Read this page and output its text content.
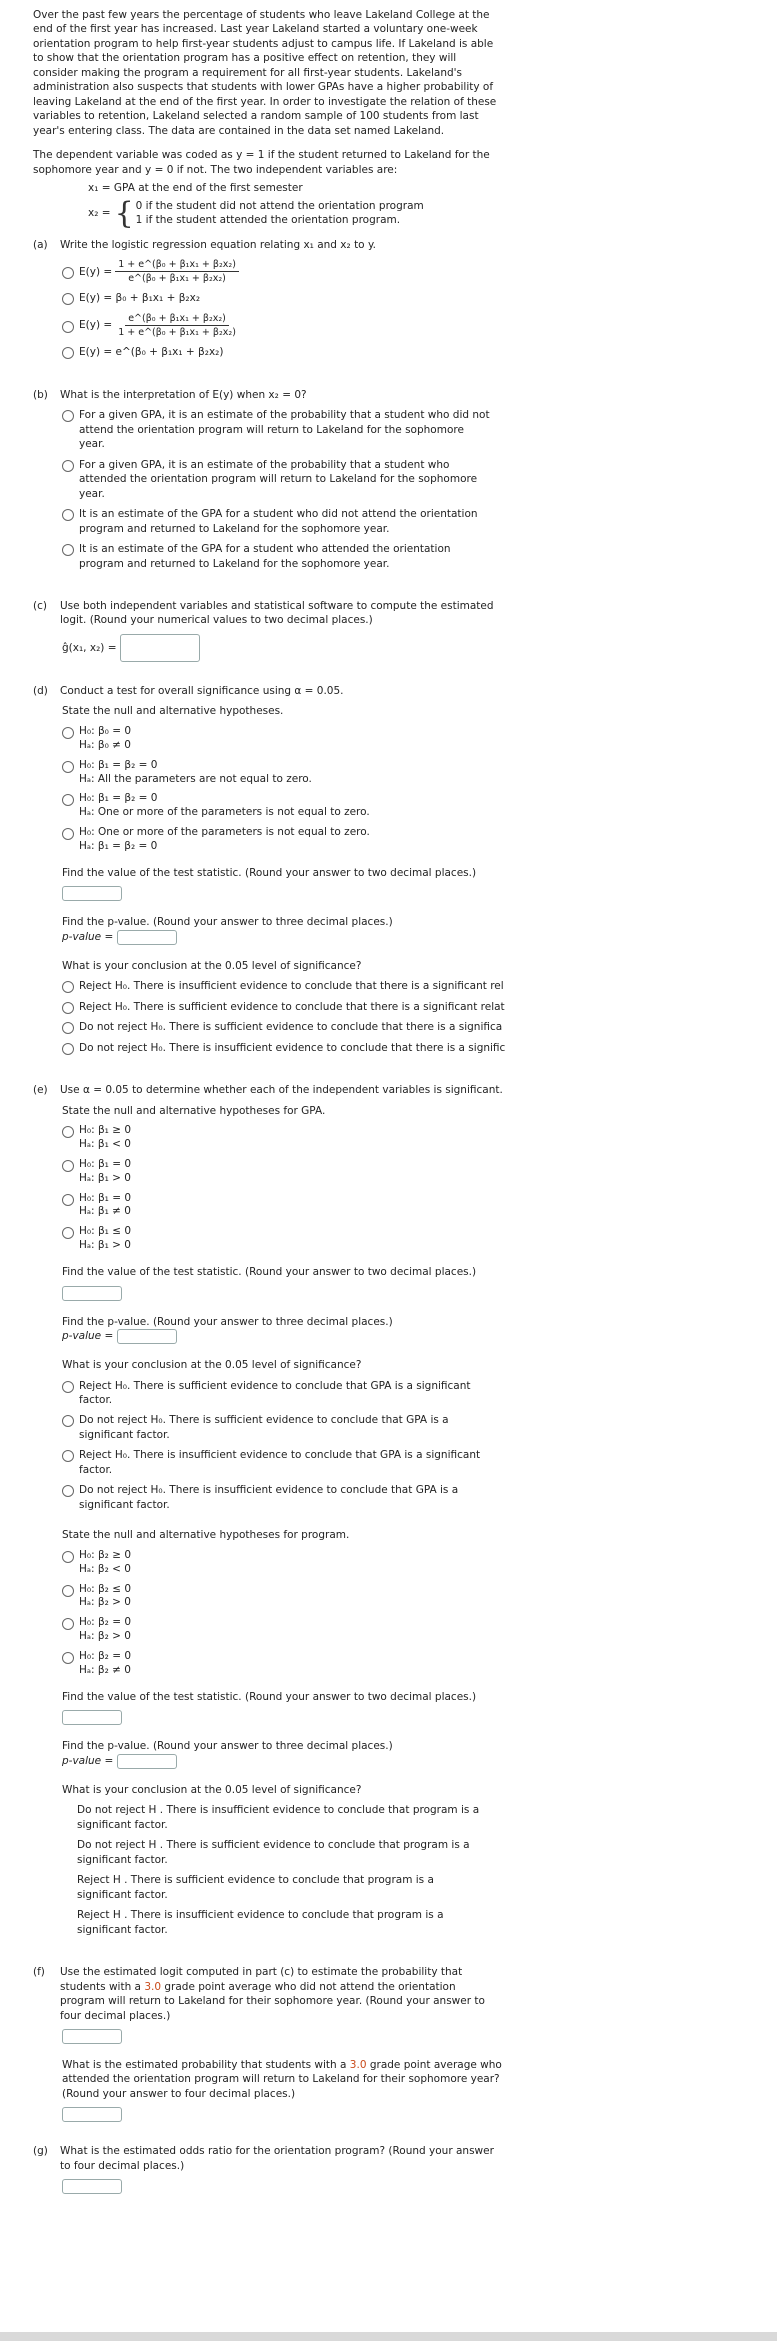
Over the past few years the percentage of students who leave Lakeland College at the end of the first year has increased. Last year Lakeland started a voluntary one-week orientation program to help first-year students adjust to campus life. If Lakeland is able to show that the orientation program has a positive effect on retention, they will consider making the program a requirement for all first-year students. Lakeland's administration also suspects that students with lower GPAs have a higher probability of leaving Lakeland at the end of the first year. In order to investigate the relation of these variables to retention, Lakeland selected a random sample of 100 students from last year's entering class. The data are contained in the data set named Lakeland.

The dependent variable was coded as y = 1 if the student returned to Lakeland for the sophomore year and y = 0 if not. The two independent variables are:

x₁ =
GPA at the end of the first semester
x₂ = { 0 if the student did not attend the orientation program
1 if the student attended the orientation program.
(a)	Write the logistic regression equation relating x₁ and x₂ to y.
$E(y) = \frac{\text{1 + e\textasciicircum{}(β₀ + β₁x₁ + β₂x₂)}}{\text{e\textasciicircum{}(β₀ + β₁x₁ + β₂x₂)}}$
E(y) = β₀ + β₁x₁ + β₂x₂
$E(y) = \frac{\text{e\textasciicircum{}(β₀ + β₁x₁ + β₂x₂)}}{\text{1 + e\textasciicircum{}(β₀ + β₁x₁ + β₂x₂)}}$
E(y) = e^(β₀ + β₁x₁ + β₂x₂)
(b)	What is the interpretation of E(y) when x₂ = 0?
For a given GPA, it is an estimate of the probability that a student who did not attend the orientation program will return to Lakeland for the sophomore year.
For a given GPA, it is an estimate of the probability that a student who attended the orientation program will return to Lakeland for the sophomore year.
It is an estimate of the GPA for a student who did not attend the orientation program and returned to Lakeland for the sophomore year.
It is an estimate of the GPA for a student who attended the orientation program and returned to Lakeland for the sophomore year.
(c)	Use both independent variables and statistical software to compute the estimated logit. (Round your numerical values to two decimal places.)
ĝ(x₁, x₂) =

(d)	Conduct a test for overall significance using α = 0.05.

State the null and alternative hypotheses.

H₀: β₀ = 0
Hₐ: β₀ ≠ 0
H₀: β₁ = β₂ = 0
Hₐ: All the parameters are not equal to zero.
H₀: β₁ = β₂ = 0
Hₐ: One or more of the parameters is not equal to zero.
H₀: One or more of the parameters is not equal to zero.
Hₐ: β₁ = β₂ = 0

Find the value of the test statistic. (Round your answer to two decimal places.)

Find the p-value. (Round your answer to three decimal places.)

p-value =

What is your conclusion at the 0.05 level of significance?

Reject H₀. There is insufficient evidence to conclude that there is a significant rel
Reject H₀. There is sufficient evidence to conclude that there is a significant relat
Do not reject H₀. There is sufficient evidence to conclude that there is a significa
Do not reject H₀. There is insufficient evidence to conclude that there is a signific
(e)	Use α = 0.05 to determine whether each of the independent variables is significant.

State the null and alternative hypotheses for GPA.

H₀: β₁ ≥ 0
Hₐ: β₁ < 0
H₀: β₁ = 0
Hₐ: β₁ > 0
H₀: β₁ = 0
Hₐ: β₁ ≠ 0
H₀: β₁ ≤ 0
Hₐ: β₁ > 0

Find the value of the test statistic. (Round your answer to two decimal places.)

Find the p-value. (Round your answer to three decimal places.)

p-value =

What is your conclusion at the 0.05 level of significance?

Reject H₀. There is sufficient evidence to conclude that GPA is a significant factor.
Do not reject H₀. There is sufficient evidence to conclude that GPA is a significant factor.
Reject H₀. There is insufficient evidence to conclude that GPA is a significant factor.
Do not reject H₀. There is insufficient evidence to conclude that GPA is a significant factor.

State the null and alternative hypotheses for program.

H₀: β₂ ≥ 0
Hₐ: β₂ < 0
H₀: β₂ ≤ 0
Hₐ: β₂ > 0
H₀: β₂ = 0
Hₐ: β₂ > 0
H₀: β₂ = 0
Hₐ: β₂ ≠ 0

Find the value of the test statistic. (Round your answer to two decimal places.)

Find the p-value. (Round your answer to three decimal places.)

p-value =

What is your conclusion at the 0.05 level of significance?

Do not reject H . There is insufficient evidence to conclude that program is a significant factor.
Do not reject H . There is sufficient evidence to conclude that program is a significant factor.
Reject H . There is sufficient evidence to conclude that program is a significant factor.
Reject H . There is insufficient evidence to conclude that program is a significant factor.
(f)	Use the estimated logit computed in part (c) to estimate the probability that students with a 3.0 grade point average who did not attend the orientation program will return to Lakeland for their sophomore year. (Round your answer to four decimal places.)

What is the estimated probability that students with a 3.0 grade point average who attended the orientation program will return to Lakeland for their sophomore year? (Round your answer to four decimal places.)

(g)	What is the estimated odds ratio for the orientation program? (Round your answer to four decimal places.)
